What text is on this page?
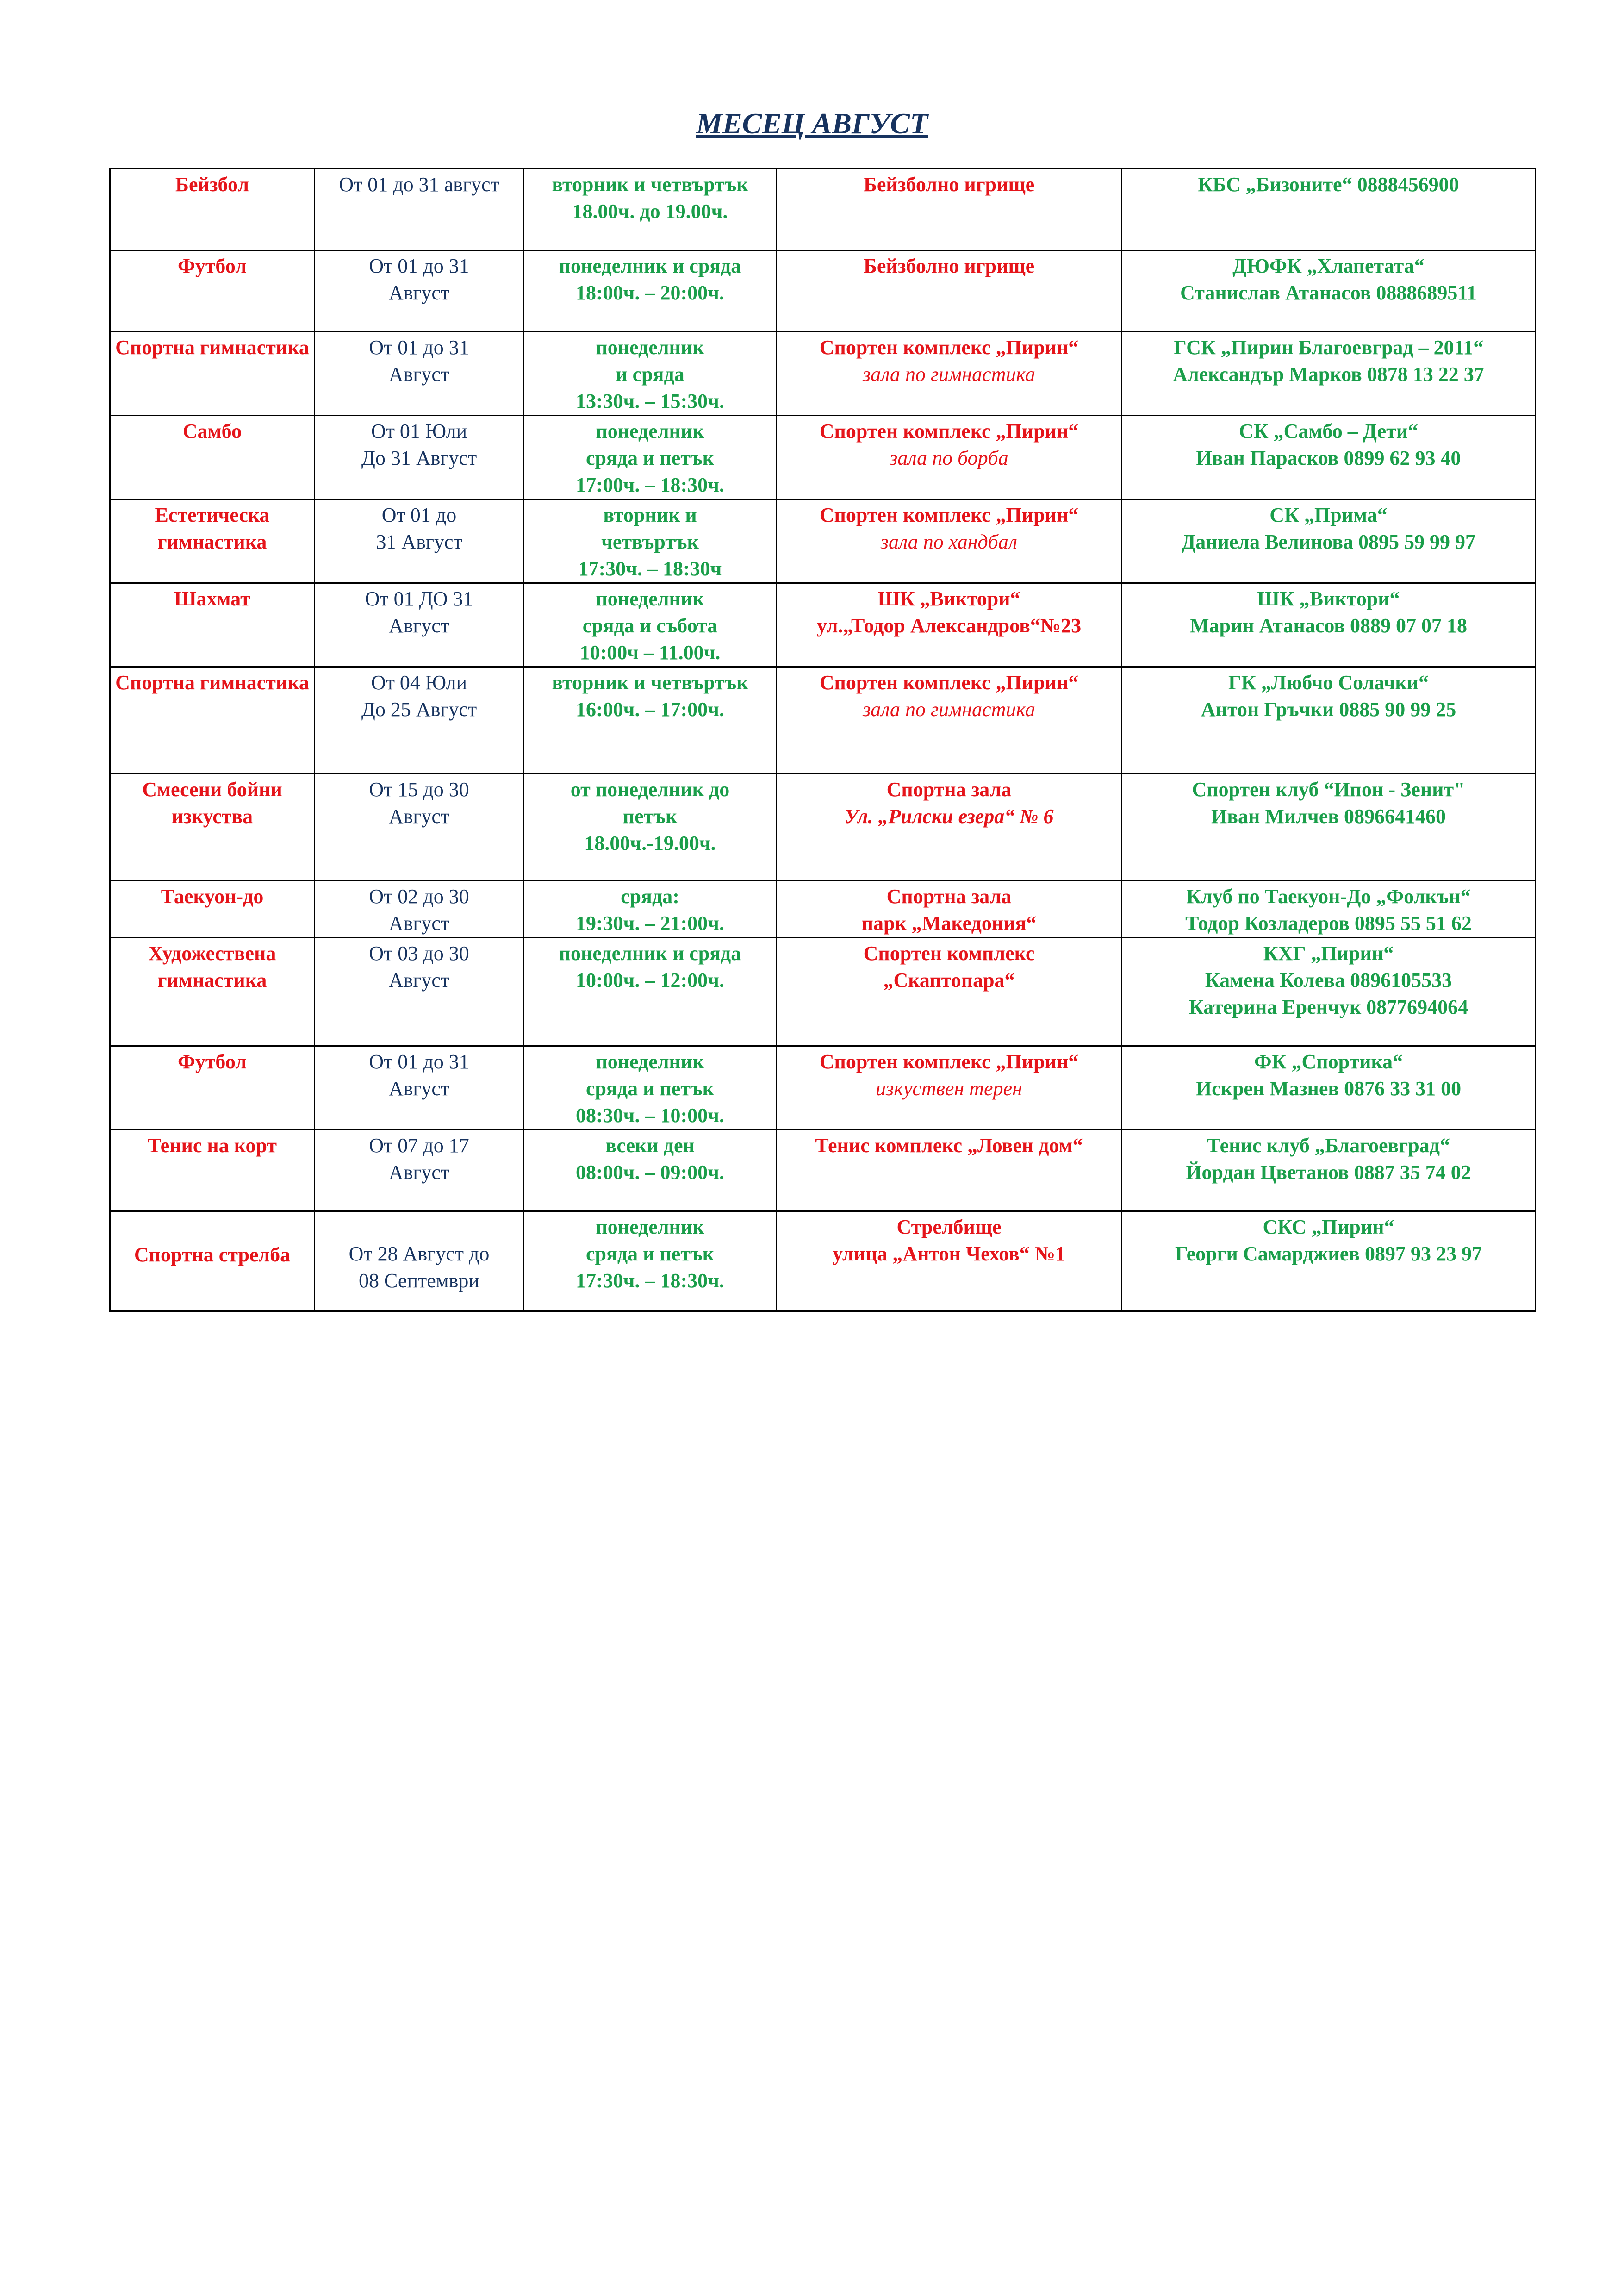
МЕСЕЦ АВГУСТ
Бейзбол	От 01 до 31 август	вторник и четвъртък
18.00ч. до 19.00ч.	Бейзболно игрище	КБС „Бизоните“ 0888456900

Футбол	От 01 до 31
Август	понеделник и сряда
18:00ч. – 20:00ч.	Бейзболно игрище	ДЮФК „Хлапетата“
Станислав Атанасов 0888689511

Спортна гимнастика	От 01 до 31
Август	понеделник
и сряда
13:30ч. – 15:30ч.	Спортен комплекс „Пирин“
зала по гимнастика	ГСК „Пирин Благоевград – 2011“
Александър Марков 0878 13 22 37

Самбо	От 01 Юли
До 31 Август	понеделник
сряда и петък
17:00ч. – 18:30ч.	Спортен комплекс „Пирин“
зала по борба	СК „Самбо – Дети“
Иван Парасков 0899 62 93 40

Естетическа гимнастика	От 01 до
31 Август	вторник и
четвъртък
17:30ч. – 18:30ч	Спортен комплекс „Пирин“
зала по хандбал	СК „Прима“
Даниела Велинова 0895 59 99 97

Шахмат	От 01 ДО 31
Август	понеделник
сряда и събота
10:00ч – 11.00ч.	ШК „Виктори“
ул.„Тодор Александров“№23	ШК „Виктори“
Марин Атанасов 0889 07 07 18

Спортна гимнастика	От 04 Юли
До 25 Август	вторник и четвъртък
16:00ч. – 17:00ч.	Спортен комплекс „Пирин“
зала по гимнастика	ГК „Любчо Солачки“
Антон Гръчки 0885 90 99 25

Смесени бойни изкуства	От 15 до 30
Август	от понеделник до
петък
18.00ч.-19.00ч.	Спортна зала
Ул. „Рилски езера“ № 6	Спортен клуб “Ипон - Зенит"
Иван Милчев 0896641460

Таекуон-до	От 02 до 30
Август	сряда:
19:30ч. – 21:00ч.	Спортна зала
парк „Македония“	Клуб по Таекуон-До „Фолкън“
Тодор Козладеров 0895 55 51 62

Художествена гимнастика	От 03 до 30
Август	понеделник и сряда
10:00ч. – 12:00ч.	Спортен комплекс
„Скаптопара“	КХГ „Пирин“
Камена Колева 0896105533
Катерина Еренчук 0877694064

Футбол	От 01 до 31
Август	понеделник
сряда и петък
08:30ч. – 10:00ч.	Спортен комплекс „Пирин“
изкуствен терен	ФК „Спортика“
Искрен Мазнев 0876 33 31 00

Тенис на корт	От 07 до 17
Август	всеки ден
08:00ч. – 09:00ч.	Тенис комплекс „Ловен дом“	Тенис клуб „Благоевград“
Йордан Цветанов 0887 35 74 02

Спортна стрелба	От 28 Август до
08 Септември	понеделник
сряда и петък
17:30ч. – 18:30ч.	Стрелбище
улица „Антон Чехов“ №1	СКС „Пирин“
Георги Самарджиев 0897 93 23 97
